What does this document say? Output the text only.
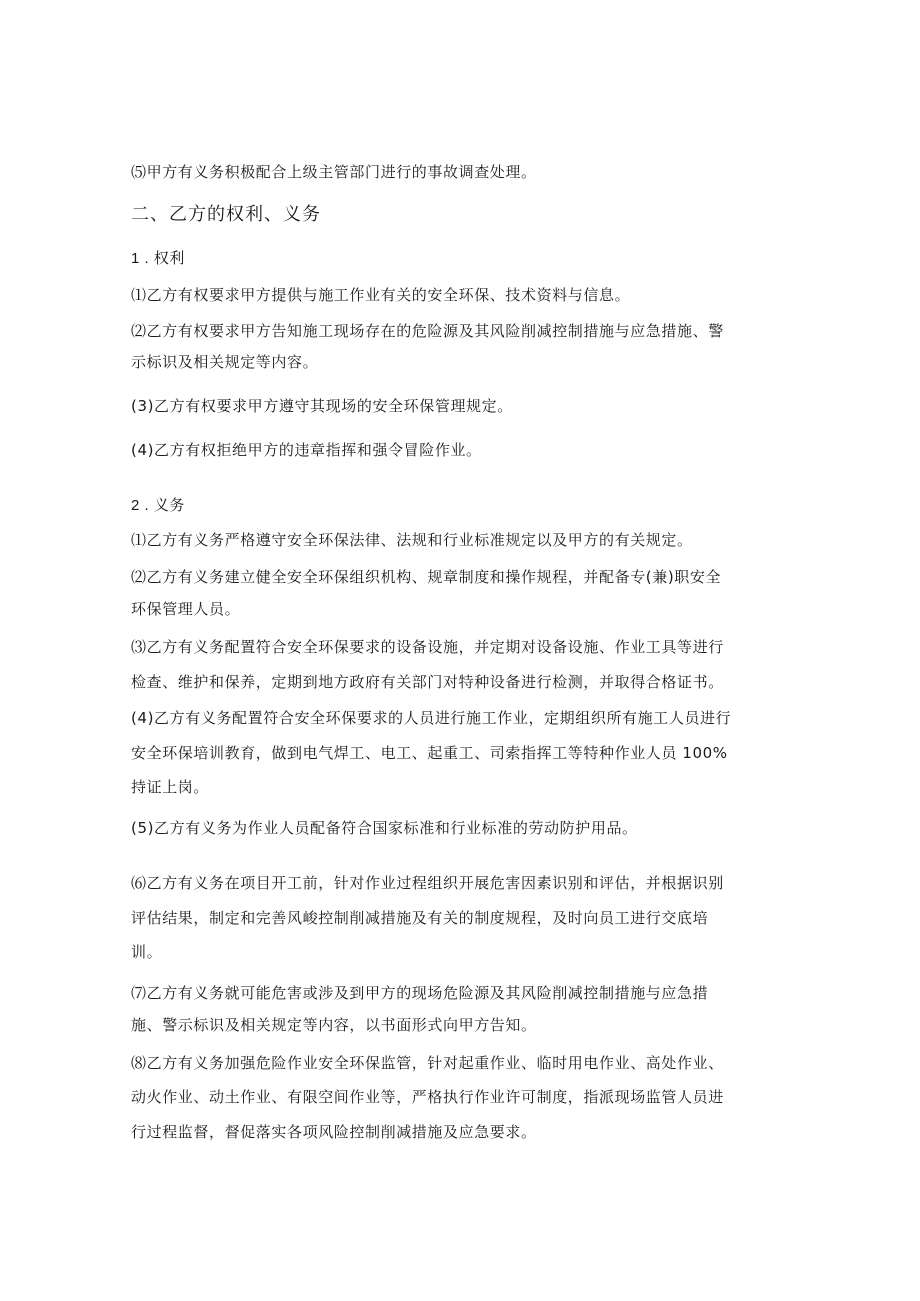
⑸甲方有义务积极配合上级主管部门进行的事故调查处理。
二、乙方的权利、义务
1 . 权利
⑴乙方有权要求甲方提供与施工作业有关的安全环保、技术资料与信息。
⑵乙方有权要求甲方告知施工现场存在的危险源及其风险削减控制措施与应急措施、警
示标识及相关规定等内容。
(3)乙方有权要求甲方遵守其现场的安全环保管理规定。
(4)乙方有权拒绝甲方的违章指挥和强令冒险作业。
2 . 义务
⑴乙方有义务严格遵守安全环保法律、法规和行业标准规定以及甲方的有关规定。
⑵乙方有义务建立健全安全环保组织机构、规章制度和操作规程，并配备专(兼)职安全
环保管理人员。
⑶乙方有义务配置符合安全环保要求的设备设施，并定期对设备设施、作业工具等进行
检查、维护和保养，定期到地方政府有关部门对特种设备进行检测，并取得合格证书。
(4)乙方有义务配置符合安全环保要求的人员进行施工作业，定期组织所有施工人员进行
安全环保培训教育，做到电气焊工、电工、起重工、司索指挥工等特种作业人员 100%
持证上岗。
(5)乙方有义务为作业人员配备符合国家标准和行业标准的劳动防护用品。
⑹乙方有义务在项目开工前，针对作业过程组织开展危害因素识别和评估，并根据识别
评估结果，制定和完善风峻控制削减措施及有关的制度规程，及时向员工进行交底培
训。
⑺乙方有义务就可能危害或涉及到甲方的现场危险源及其风险削减控制措施与应急措
施、警示标识及相关规定等内容，以书面形式向甲方告知。
⑻乙方有义务加强危险作业安全环保监管，针对起重作业、临时用电作业、高处作业、
动火作业、动土作业、有限空间作业等，严格执行作业许可制度，指派现场监管人员进
行过程监督，督促落实各项风险控制削减措施及应急要求。
